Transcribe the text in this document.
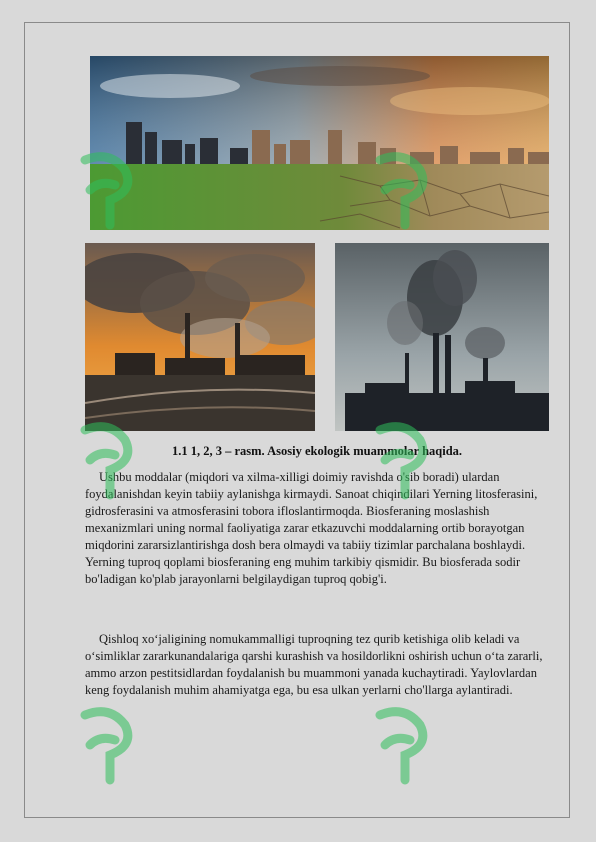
1.1 1, 2, 3 – rasm. Asosiy ekologik muammolar haqida.

Ushbu moddalar (miqdori va xilma-xilligi doimiy ravishda o'sib boradi) ulardan foydalanishdan keyin tabiiy aylanishga kirmaydi. Sanoat chiqindilari Yerning litosferasini, gidrosferasini va atmosferasini tobora ifloslantirmoqda. Biosferaning moslashish mexanizmlari uning normal faoliyatiga zarar etkazuvchi moddalarning ortib borayotgan miqdorini zararsizlantirishga dosh bera olmaydi va tabiiy tizimlar parchalana boshlaydi. Yerning tuproq qoplami biosferaning eng muhim tarkibiy qismidir. Bu biosferada sodir bo'ladigan ko'plab jarayonlarni belgilaydigan tuproq qobig'i.

Qishloq xo‘jaligining nomukammalligi tuproqning tez qurib ketishiga olib keladi va o‘simliklar zararkunandalariga qarshi kurashish va hosildorlikni oshirish uchun o‘ta zararli, ammo arzon pestitsidlardan foydalanish bu muammoni yanada kuchaytiradi. Yaylovlardan keng foydalanish muhim ahamiyatga ega, bu esa ulkan yerlarni cho'llarga aylantiradi.
